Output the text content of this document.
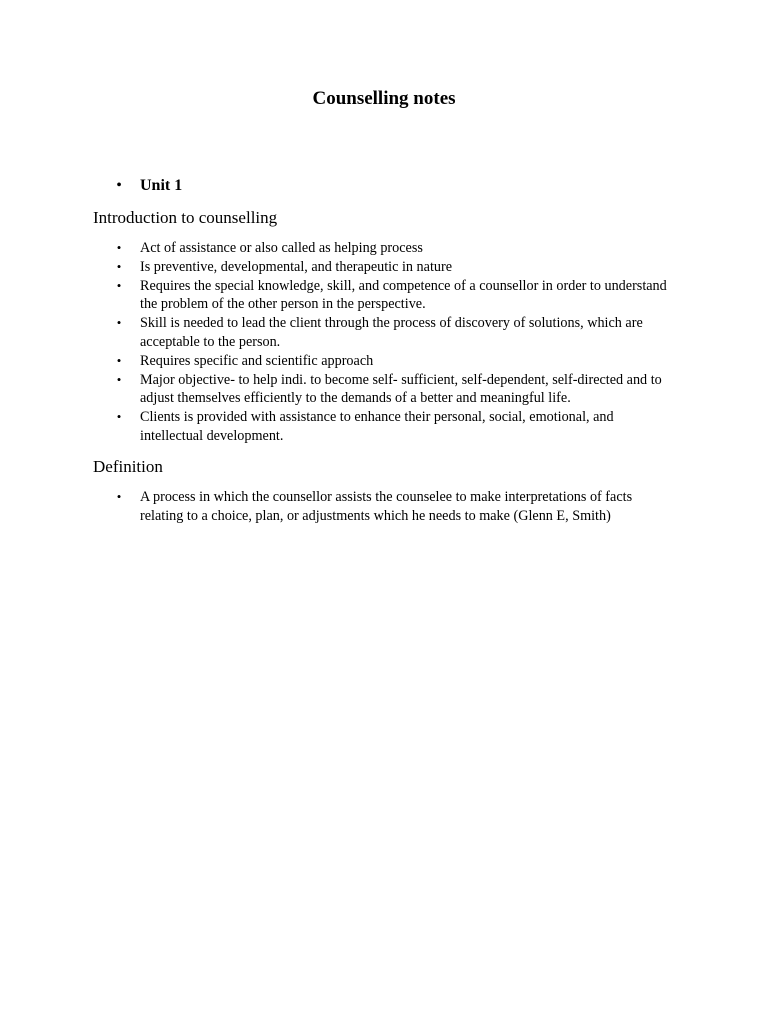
Counselling notes
• Unit 1
Introduction to counselling
• Act of assistance or also called as helping process
• Is preventive, developmental, and therapeutic in nature
• Requires the special knowledge, skill, and competence of a counsellor in order to understand the problem of the other person in the perspective.
• Skill is needed to lead the client through the process of discovery of solutions, which are acceptable to the person.
• Requires specific and scientific approach
• Major objective- to help indi. to become self- sufficient, self-dependent, self-directed and to adjust themselves efficiently to the demands of a better and meaningful life.
• Clients is provided with assistance to enhance their personal, social, emotional, and intellectual development.
Definition
• A process in which the counsellor assists the counselee to make interpretations of facts relating to a choice, plan, or adjustments which he needs to make (Glenn E, Smith)
